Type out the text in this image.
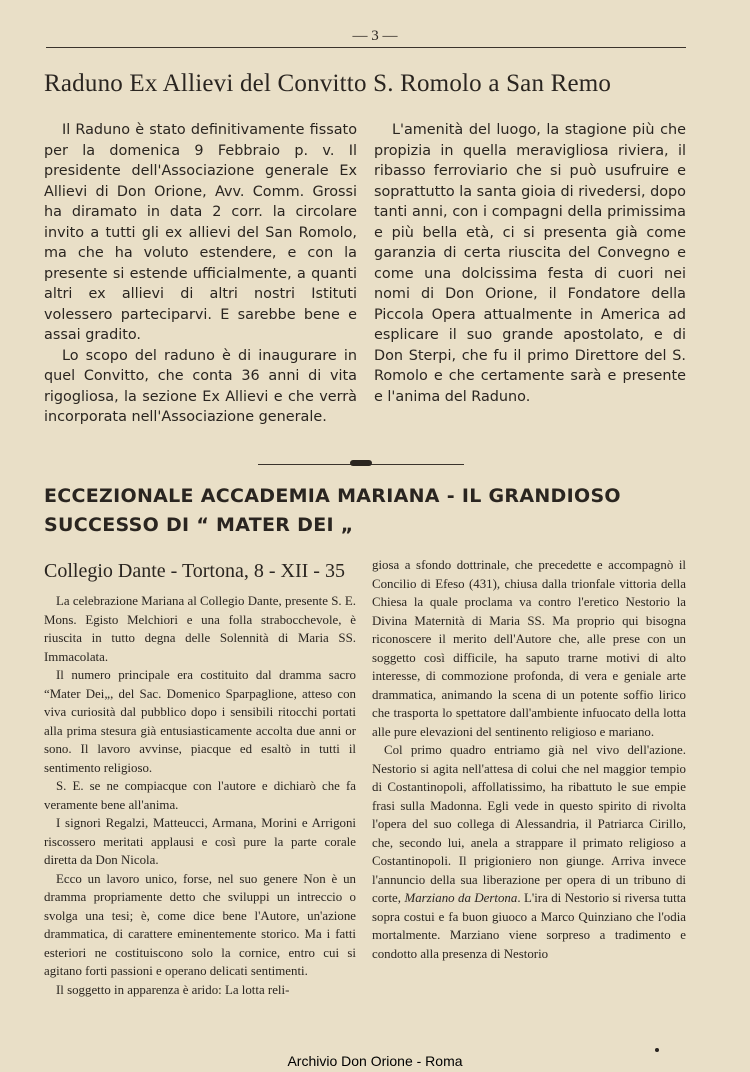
— 3 —
Raduno Ex Allievi del Convitto S. Romolo a San Remo

Il Raduno è stato definitivamente fissato per la domenica 9 Febbraio p. v. Il presidente dell'Associazione generale Ex Allievi di Don Orione, Avv. Comm. Grossi ha diramato in data 2 corr. la circolare invito a tutti gli ex allievi del San Romolo, ma che ha voluto estendere, e con la presente si estende ufficialmente, a quanti altri ex allievi di altri nostri Istituti volessero parteciparvi. E sarebbe bene e assai gradito.

Lo scopo del raduno è di inaugurare in quel Convitto, che conta 36 anni di vita rigogliosa, la sezione Ex Allievi e che verrà incorporata nell'Associazione generale.

L'amenità del luogo, la stagione più che propizia in quella meravigliosa riviera, il ribasso ferroviario che si può usufruire e soprattutto la santa gioia di rivedersi, dopo tanti anni, con i compagni della primissima e più bella età, ci si presenta già come garanzia di certa riuscita del Convegno e come una dolcissima festa di cuori nei nomi di Don Orione, il Fondatore della Piccola Opera attualmente in America ad esplicare il suo grande apostolato, e di Don Sterpi, che fu il primo Direttore del S. Romolo e che certamente sarà e presente e l'anima del Raduno.

ECCEZIONALE ACCADEMIA MARIANA - IL GRANDIOSO SUCCESSO DI “ MATER DEI „
Collegio Dante - Tortona, 8 - XII - 35

La celebrazione Mariana al Collegio Dante, presente S. E. Mons. Egisto Melchiori e una folla strabocchevole, è riuscita in tutto degna delle Solennità di Maria SS. Immacolata.

Il numero principale era costituito dal dramma sacro “Mater Dei„, del Sac. Domenico Sparpaglione, atteso con viva curiosità dal pubblico dopo i sensibili ritocchi portati alla prima stesura già entusiasticamente accolta due anni or sono. Il lavoro avvinse, piacque ed esaltò in tutti il sentimento religioso.

S. E. se ne compiacque con l'autore e dichiarò che fa veramente bene all'anima.

I signori Regalzi, Matteucci, Armana, Morini e Arrigoni riscossero meritati applausi e così pure la parte corale diretta da Don Nicola.

Ecco un lavoro unico, forse, nel suo genere Non è un dramma propriamente detto che sviluppi un intreccio o svolga una tesi; è, come dice bene l'Autore, un'azione drammatica, di carattere eminentemente storico. Ma i fatti esteriori ne costituiscono solo la cornice, entro cui si agitano forti passioni e operano delicati sentimenti.

Il soggetto in apparenza è arido: La lotta reli-

giosa a sfondo dottrinale, che precedette e accompagnò il Concilio di Efeso (431), chiusa dalla trionfale vittoria della Chiesa la quale proclama va contro l'eretico Nestorio la Divina Maternità di Maria SS. Ma proprio qui bisogna riconoscere il merito dell'Autore che, alle prese con un soggetto così difficile, ha saputo trarne motivi di alto interesse, di commozione profonda, di vera e geniale arte drammatica, animando la scena di un potente soffio lirico che trasporta lo spettatore dall'ambiente infuocato della lotta alle pure elevazioni del sentinento religioso e mariano.

Col primo quadro entriamo già nel vivo dell'azione. Nestorio si agita nell'attesa di colui che nel maggior tempio di Costantinopoli, affollatissimo, ha ribattuto le sue empie frasi sulla Madonna. Egli vede in questo spirito di rivolta l'opera del suo collega di Alessandria, il Patriarca Cirillo, che, secondo lui, anela a strappare il primato religioso a Costantinopoli. Il prigioniero non giunge. Arriva invece l'annuncio della sua liberazione per opera di un tribuno di corte, Marziano da Dertona. L'ira di Nestorio si riversa tutta sopra costui e fa buon giuoco a Marco Quinziano che l'odia mortalmente. Marziano viene sorpreso a tradimento e condotto alla presenza di Nestorio

Archivio Don Orione - Roma
